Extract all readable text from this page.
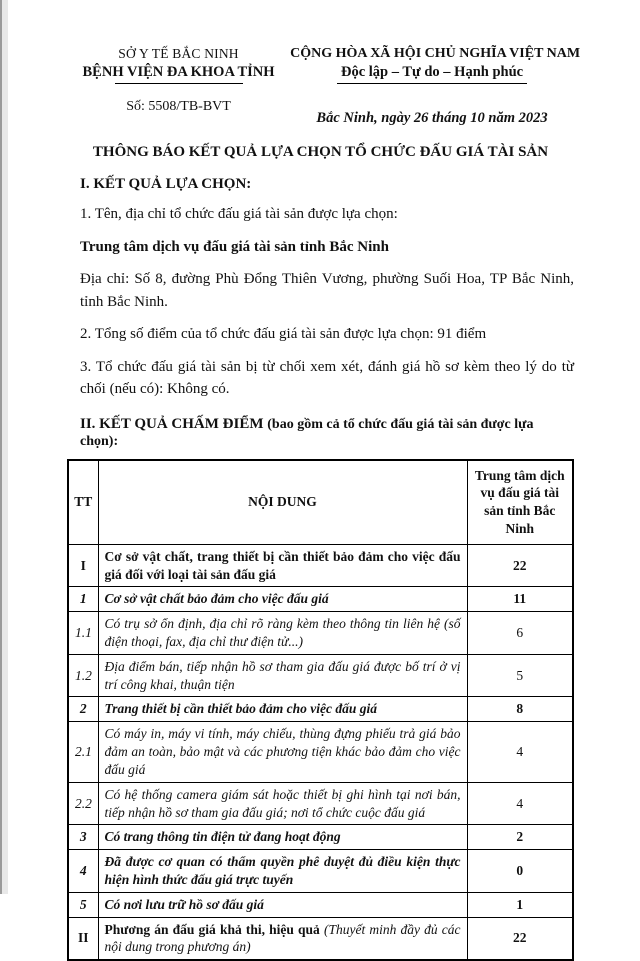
SỞ Y TẾ BẮC NINH
BỆNH VIỆN ĐA KHOA TỈNH
Số: 5508/TB-BVT
CỘNG HÒA XÃ HỘI CHỦ NGHĨA VIỆT NAM
Độc lập – Tự do – Hạnh phúc
Bắc Ninh, ngày 26 tháng 10 năm 2023
THÔNG BÁO KẾT QUẢ LỰA CHỌN TỔ CHỨC ĐẤU GIÁ TÀI SẢN
I. KẾT QUẢ LỰA CHỌN:

1. Tên, địa chỉ tổ chức đấu giá tài sản được lựa chọn:

Trung tâm dịch vụ đấu giá tài sản tỉnh Bắc Ninh

Địa chỉ: Số 8, đường Phù Đổng Thiên Vương, phường Suối Hoa, TP Bắc Ninh, tỉnh Bắc Ninh.

2. Tổng số điểm của tổ chức đấu giá tài sản được lựa chọn: 91 điểm

3. Tổ chức đấu giá tài sản bị từ chối xem xét, đánh giá hồ sơ kèm theo lý do từ chối (nếu có): Không có.

II. KẾT QUẢ CHẤM ĐIỂM (bao gồm cả tổ chức đấu giá tài sản được lựa chọn):
TT	NỘI DUNG	Trung tâm dịch vụ đấu giá tài sản tỉnh Bắc Ninh
I	Cơ sở vật chất, trang thiết bị cần thiết bảo đảm cho việc đấu giá đối với loại tài sản đấu giá	22
1	Cơ sở vật chất bảo đảm cho việc đấu giá	11
1.1	Có trụ sở ổn định, địa chỉ rõ ràng kèm theo thông tin liên hệ (số điện thoại, fax, địa chỉ thư điện tử...)	6
1.2	Địa điểm bán, tiếp nhận hồ sơ tham gia đấu giá được bố trí ở vị trí công khai, thuận tiện	5
2	Trang thiết bị cần thiết bảo đảm cho việc đấu giá	8
2.1	Có máy in, máy vi tính, máy chiếu, thùng đựng phiếu trả giá bảo đảm an toàn, bảo mật và các phương tiện khác bảo đảm cho việc đấu giá	4
2.2	Có hệ thống camera giám sát hoặc thiết bị ghi hình tại nơi bán, tiếp nhận hồ sơ tham gia đấu giá; nơi tổ chức cuộc đấu giá	4
3	Có trang thông tin điện tử đang hoạt động	2
4	Đã được cơ quan có thẩm quyền phê duyệt đủ điều kiện thực hiện hình thức đấu giá trực tuyến	0
5	Có nơi lưu trữ hồ sơ đấu giá	1
II	Phương án đấu giá khả thi, hiệu quả (Thuyết minh đầy đủ các nội dung trong phương án)	22
